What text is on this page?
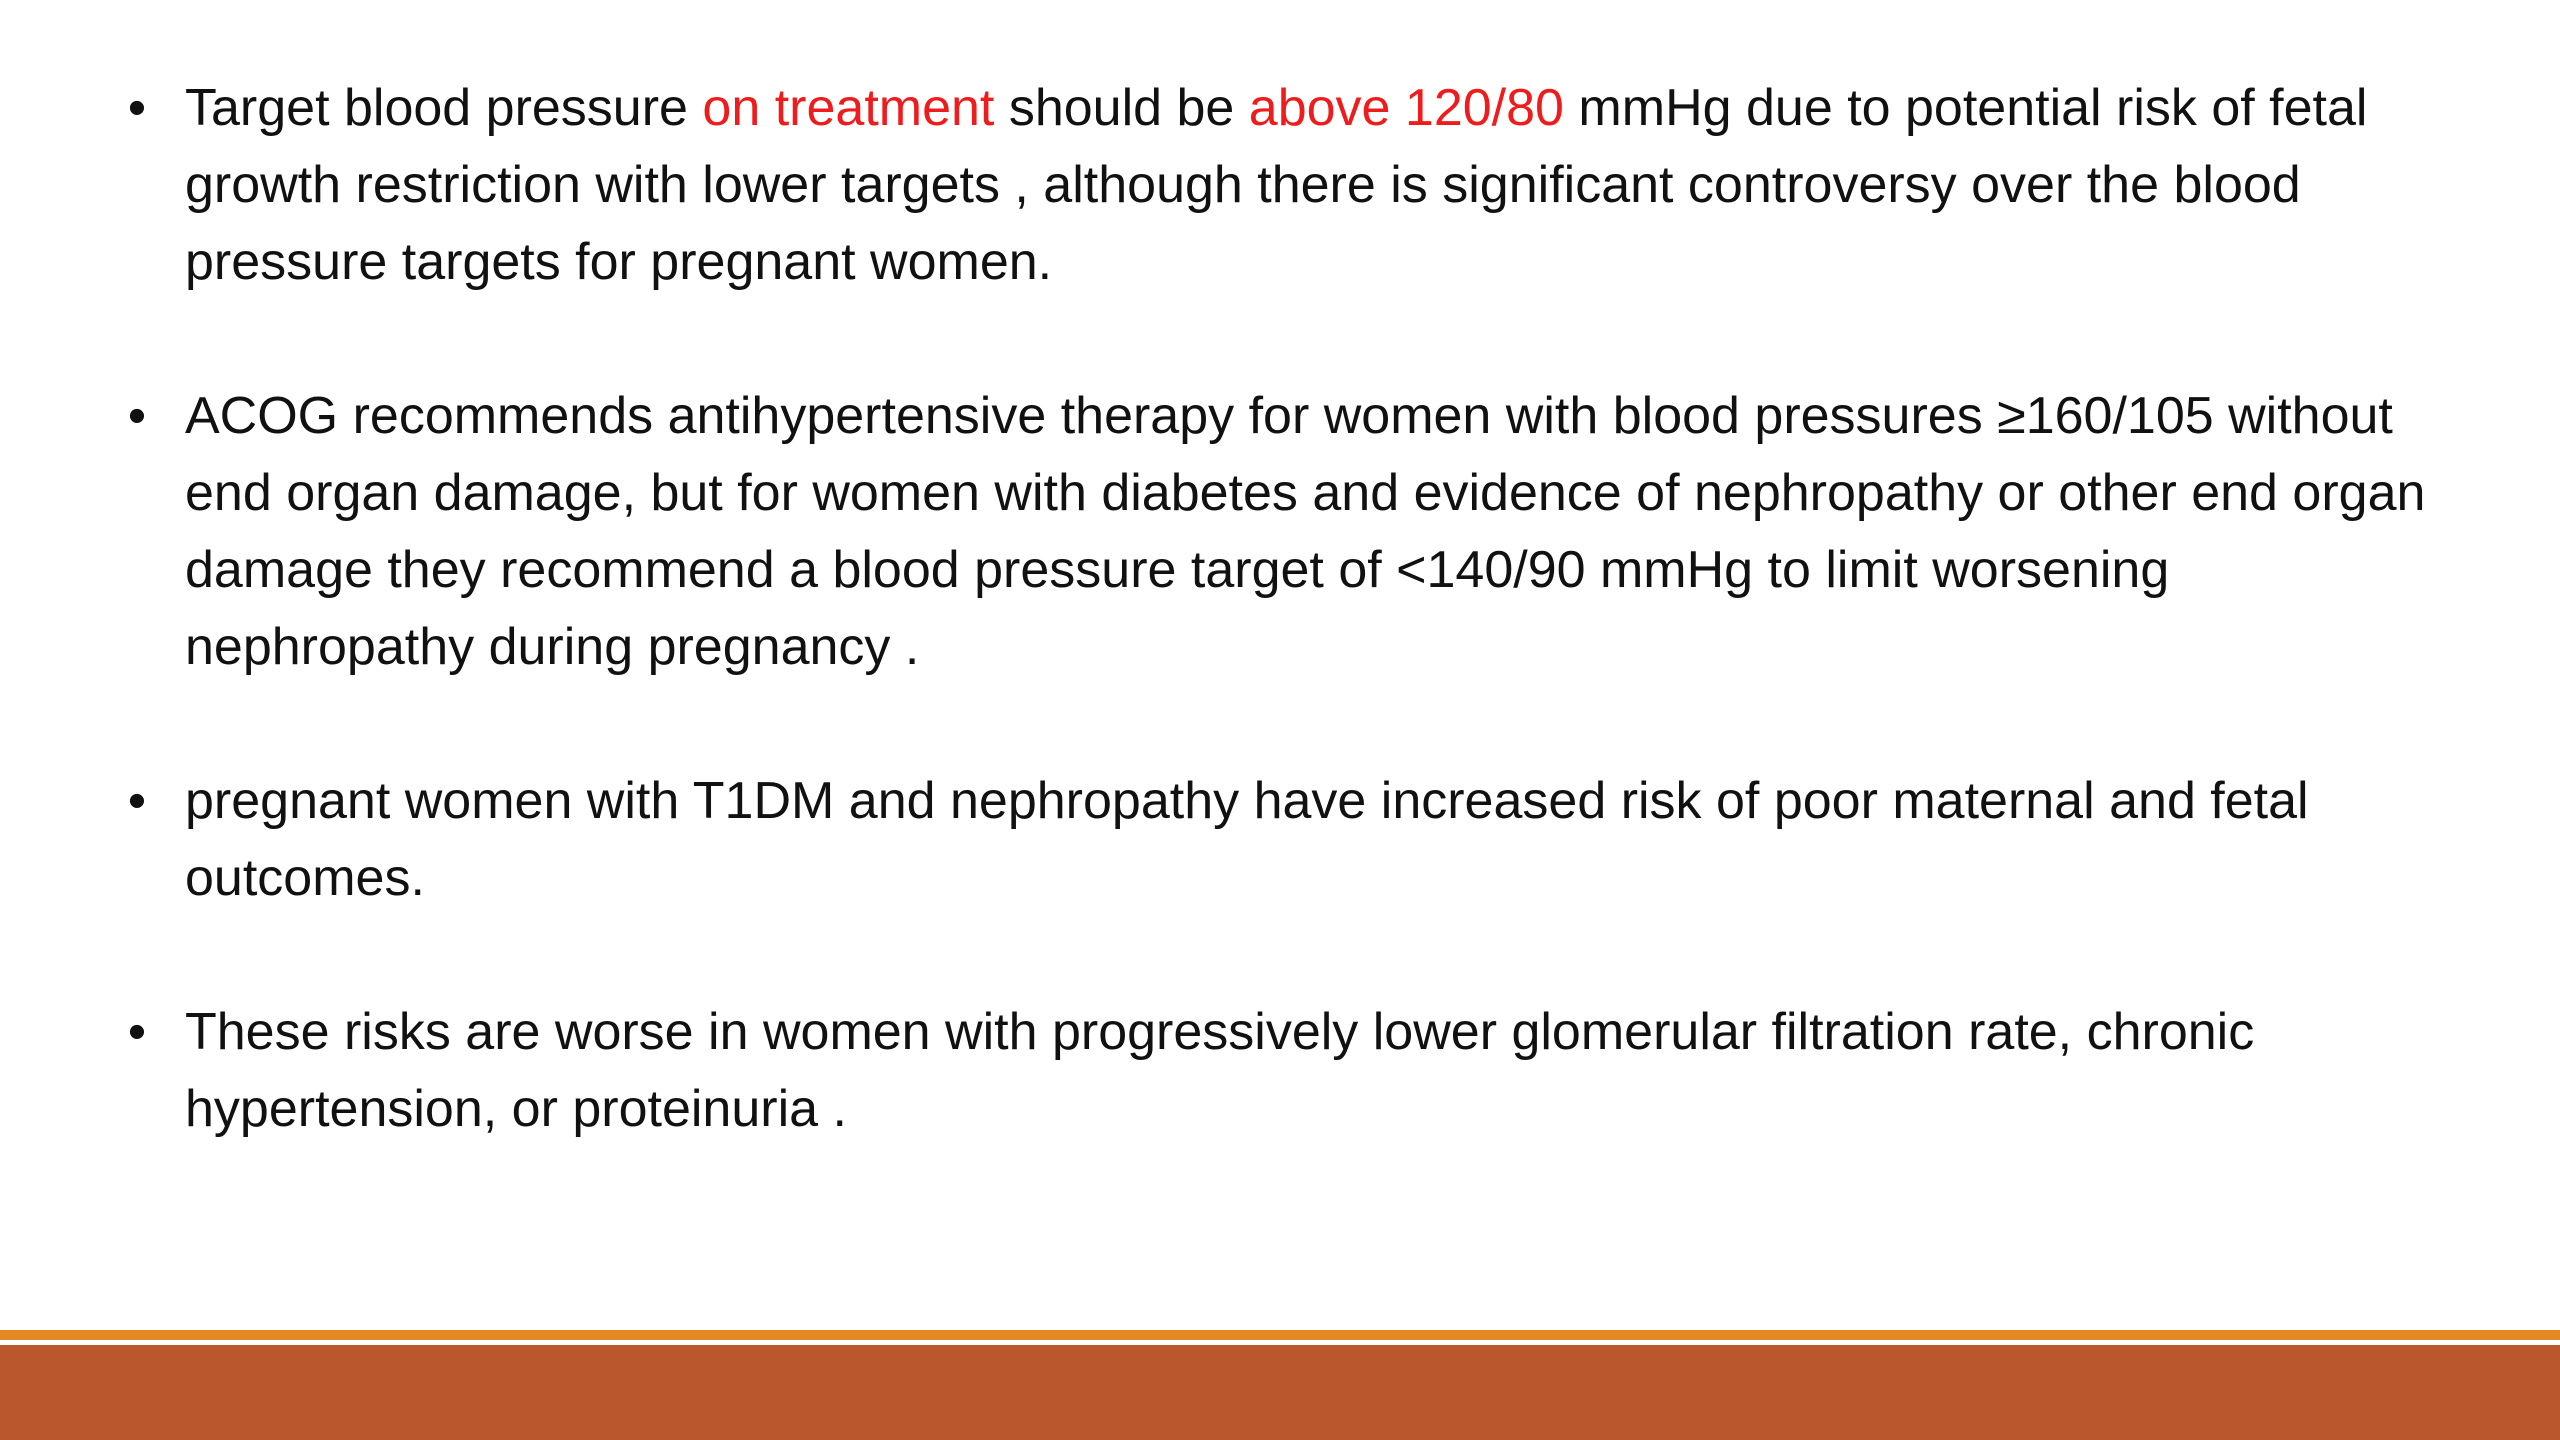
• Target blood pressure on treatment should be above 120/80 mmHg due to potential risk of fetal growth restriction with lower targets , although there is significant controversy over the blood pressure targets for pregnant women.
• ACOG recommends antihypertensive therapy for women with blood pressures ≥160/105 without end organ damage, but for women with diabetes and evidence of nephropathy or other end organ damage they recommend a blood pressure target of <140/90 mmHg to limit worsening nephropathy during pregnancy .
• pregnant women with T1DM and nephropathy have increased risk of poor maternal and fetal outcomes.
• These risks are worse in women with progressively lower glomerular filtration rate, chronic hypertension, or proteinuria .
